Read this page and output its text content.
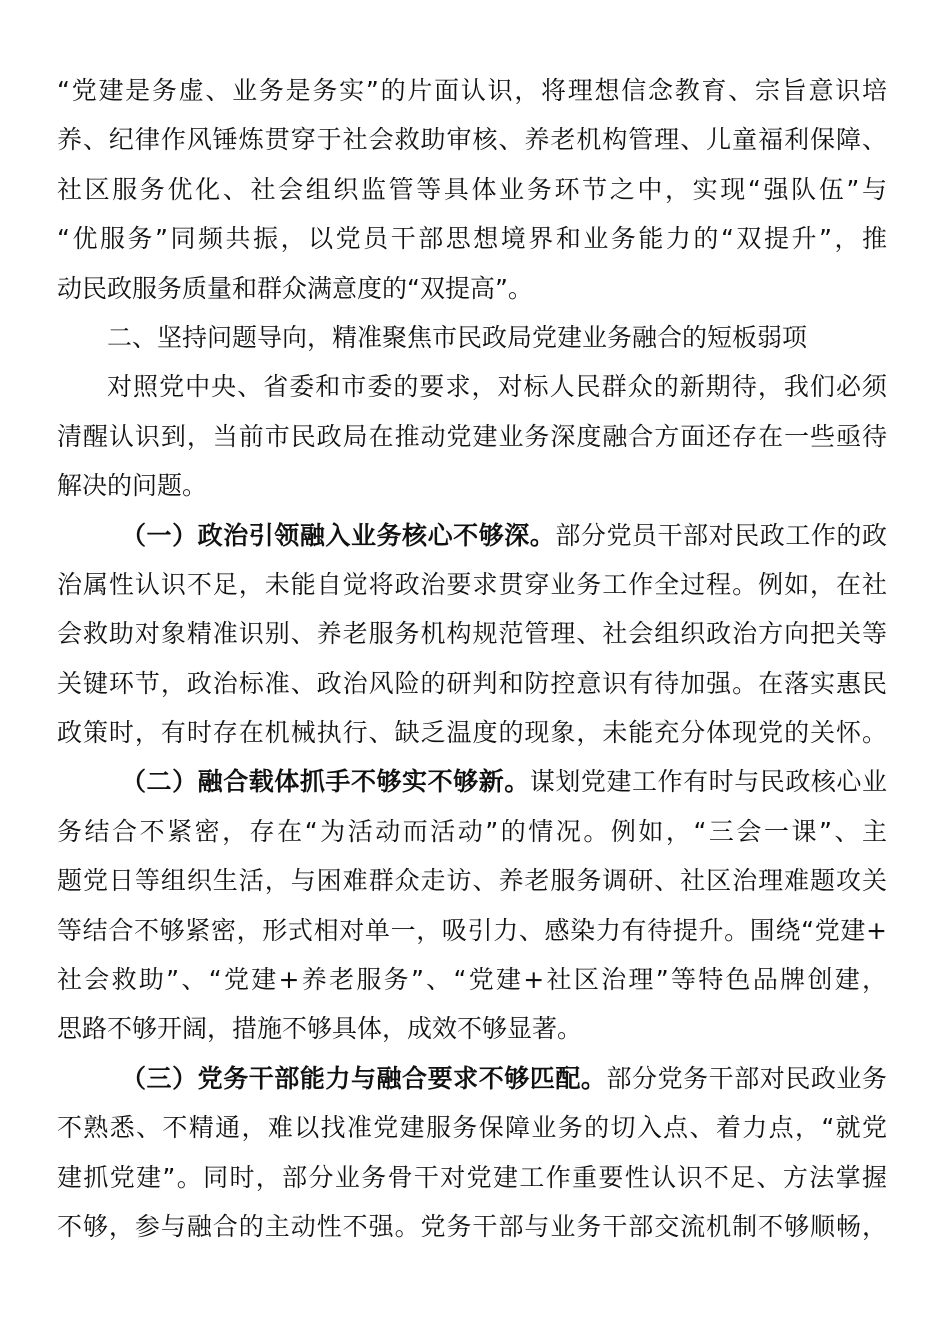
“党建是务虚、业务是务实”的片面认识，将理想信念教育、宗旨意识培
养、纪律作风锤炼贯穿于社会救助审核、养老机构管理、儿童福利保障、
社区服务优化、社会组织监管等具体业务环节之中，实现“强队伍”与
“优服务”同频共振，以党员干部思想境界和业务能力的“双提升”，推
动民政服务质量和群众满意度的“双提高”。
二、坚持问题导向，精准聚焦市民政局党建业务融合的短板弱项
对照党中央、省委和市委的要求，对标人民群众的新期待，我们必须
清醒认识到，当前市民政局在推动党建业务深度融合方面还存在一些亟待
解决的问题。
（一）政治引领融入业务核心不够深。部分党员干部对民政工作的政
治属性认识不足，未能自觉将政治要求贯穿业务工作全过程。例如，在社
会救助对象精准识别、养老服务机构规范管理、社会组织政治方向把关等
关键环节，政治标准、政治风险的研判和防控意识有待加强。在落实惠民
政策时，有时存在机械执行、缺乏温度的现象，未能充分体现党的关怀。
（二）融合载体抓手不够实不够新。谋划党建工作有时与民政核心业
务结合不紧密，存在“为活动而活动”的情况。例如，“三会一课”、主
题党日等组织生活，与困难群众走访、养老服务调研、社区治理难题攻关
等结合不够紧密，形式相对单一，吸引力、感染力有待提升。围绕“党建+
社会救助”、“党建+养老服务”、“党建+社区治理”等特色品牌创建，
思路不够开阔，措施不够具体，成效不够显著。
（三）党务干部能力与融合要求不够匹配。部分党务干部对民政业务
不熟悉、不精通，难以找准党建服务保障业务的切入点、着力点，“就党
建抓党建”。同时，部分业务骨干对党建工作重要性认识不足、方法掌握
不够，参与融合的主动性不强。党务干部与业务干部交流机制不够顺畅，
